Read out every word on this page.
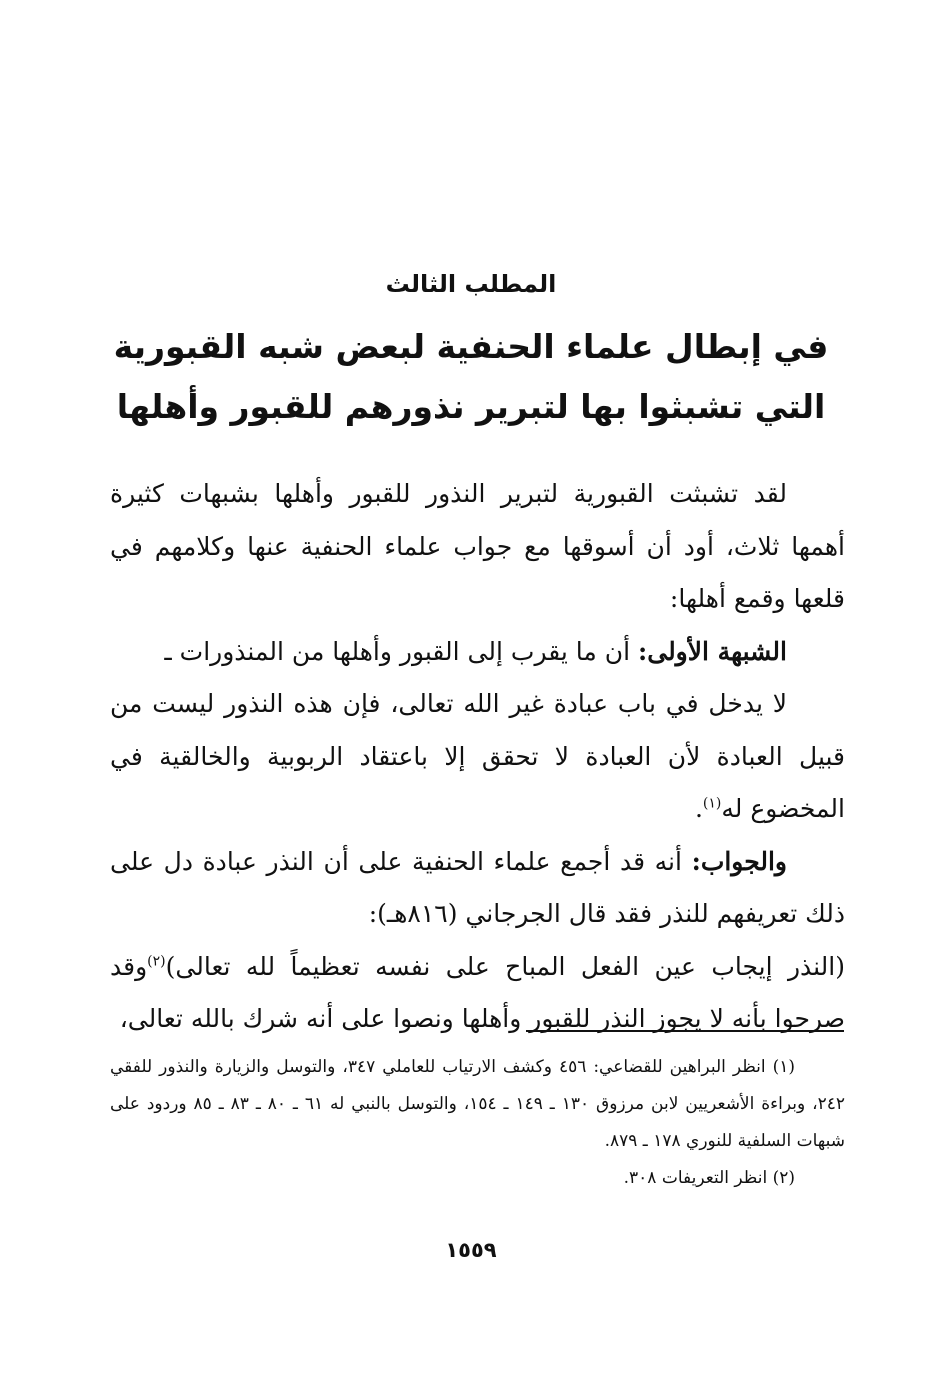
المطلب الثالث
في إبطال علماء الحنفية لبعض شبه القبورية
التي تشبثوا بها لتبرير نذورهم للقبور وأهلها

لقد تشبثت القبورية لتبرير النذور للقبور وأهلها بشبهات كثيرة أهمها ثلاث، أود أن أسوقها مع جواب علماء الحنفية عنها وكلامهم في قلعها وقمع أهلها:

الشبهة الأولى: أن ما يقرب إلى القبور وأهلها من المنذورات ـ

لا يدخل في باب عبادة غير الله تعالى، فإن هذه النذور ليست من قبيل العبادة لأن العبادة لا تحقق إلا باعتقاد الربوبية والخالقية في المخضوع له$^{(١)}$.

والجواب: أنه قد أجمع علماء الحنفية على أن النذر عبادة دل على ذلك تعريفهم للنذر فقد قال الجرجاني (٨١٦هـ):

(النذر إيجاب عين الفعل المباح على نفسه تعظيماً لله تعالى)$^{(٢)}$وقد صرحوا بأنه لا يجوز النذر للقبور وأهلها ونصوا على أنه شرك بالله تعالى،

(١) انظر البراهين للقضاعي: ٤٥٦ وكشف الارتياب للعاملي ٣٤٧، والتوسل والزيارة والنذور للفقي ٢٤٢، وبراءة الأشعريين لابن مرزوق ١٣٠ ـ ١٤٩ ـ ١٥٤، والتوسل بالنبي له ٦١ ـ ٨٠ ـ ٨٣ ـ ٨٥ وردود على شبهات السلفية للنوري ١٧٨ ـ ٨٧٩.

(٢) انظر التعريفات ٣٠٨.

١٥٥٩
